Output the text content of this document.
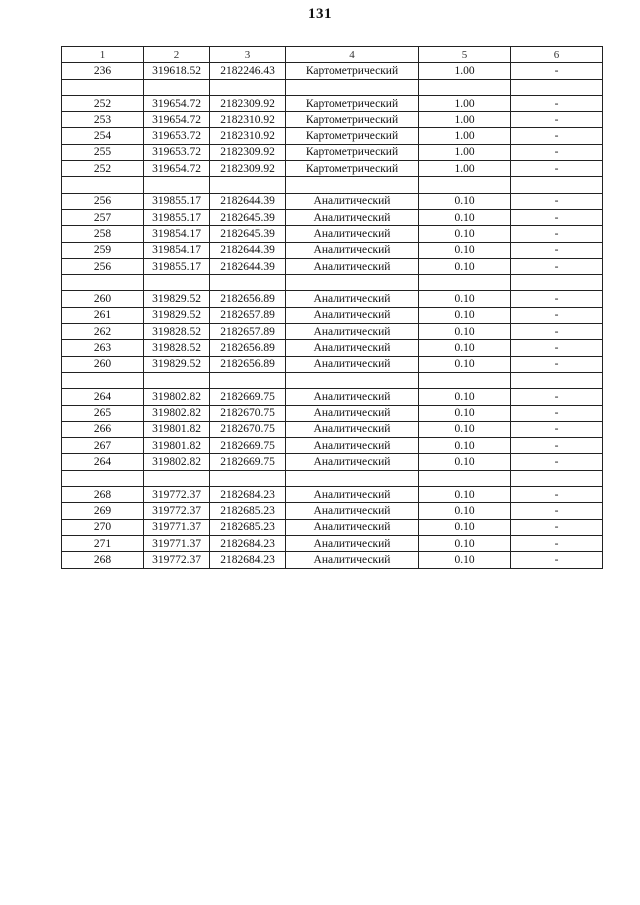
131
1	2	3	4	5	6
236	319618.52	2182246.43	Картометрический	1.00	-

252	319654.72	2182309.92	Картометрический	1.00	-
253	319654.72	2182310.92	Картометрический	1.00	-
254	319653.72	2182310.92	Картометрический	1.00	-
255	319653.72	2182309.92	Картометрический	1.00	-
252	319654.72	2182309.92	Картометрический	1.00	-

256	319855.17	2182644.39	Аналитический	0.10	-
257	319855.17	2182645.39	Аналитический	0.10	-
258	319854.17	2182645.39	Аналитический	0.10	-
259	319854.17	2182644.39	Аналитический	0.10	-
256	319855.17	2182644.39	Аналитический	0.10	-

260	319829.52	2182656.89	Аналитический	0.10	-
261	319829.52	2182657.89	Аналитический	0.10	-
262	319828.52	2182657.89	Аналитический	0.10	-
263	319828.52	2182656.89	Аналитический	0.10	-
260	319829.52	2182656.89	Аналитический	0.10	-

264	319802.82	2182669.75	Аналитический	0.10	-
265	319802.82	2182670.75	Аналитический	0.10	-
266	319801.82	2182670.75	Аналитический	0.10	-
267	319801.82	2182669.75	Аналитический	0.10	-
264	319802.82	2182669.75	Аналитический	0.10	-

268	319772.37	2182684.23	Аналитический	0.10	-
269	319772.37	2182685.23	Аналитический	0.10	-
270	319771.37	2182685.23	Аналитический	0.10	-
271	319771.37	2182684.23	Аналитический	0.10	-
268	319772.37	2182684.23	Аналитический	0.10	-
